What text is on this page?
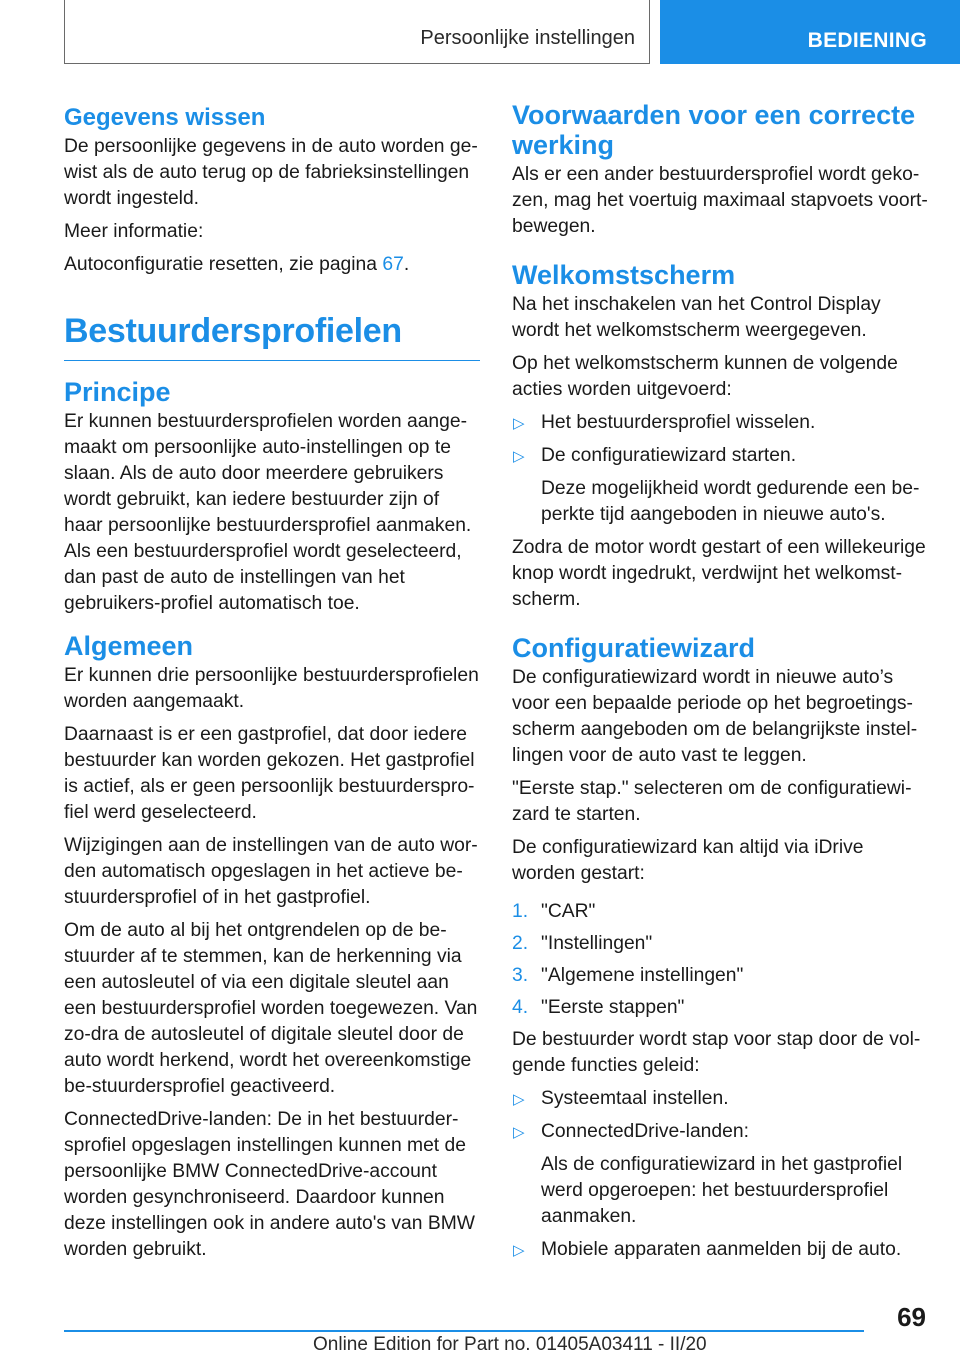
Persoonlijke instellingen	BEDIENING
Gegevens wissen

De persoonlijke gegevens in de auto worden ge-wist als de auto terug op de fabrieksinstellingen wordt ingesteld.

Meer informatie:

Autoconfiguratie resetten, zie pagina 67.

Bestuurdersprofielen
Principe

Er kunnen bestuurdersprofielen worden aange-maakt om persoonlijke auto-instellingen op te slaan. Als de auto door meerdere gebruikers wordt gebruikt, kan iedere bestuurder zijn of haar persoonlijke bestuurdersprofiel aanmaken. Als een bestuurdersprofiel wordt geselecteerd, dan past de auto de instellingen van het gebruikers-profiel automatisch toe.

Algemeen

Er kunnen drie persoonlijke bestuurdersprofielen worden aangemaakt.

Daarnaast is er een gastprofiel, dat door iedere bestuurder kan worden gekozen. Het gastprofiel is actief, als er geen persoonlijk bestuurderspro-fiel werd geselecteerd.

Wijzigingen aan de instellingen van de auto wor-den automatisch opgeslagen in het actieve be-stuurdersprofiel of in het gastprofiel.

Om de auto al bij het ontgrendelen op de be-stuurder af te stemmen, kan de herkenning via een autosleutel of via een digitale sleutel aan een bestuurdersprofiel worden toegewezen. Van zo-dra de autosleutel of digitale sleutel door de auto wordt herkend, wordt het overeenkomstige be-stuurdersprofiel geactiveerd.

ConnectedDrive-landen: De in het bestuurder-sprofiel opgeslagen instellingen kunnen met de persoonlijke BMW ConnectedDrive-account worden gesynchroniseerd. Daardoor kunnen deze instellingen ook in andere auto's van BMW worden gebruikt.

Voorwaarden voor een correcte werking

Als er een ander bestuurdersprofiel wordt geko-zen, mag het voertuig maximaal stapvoets voort-bewegen.

Welkomstscherm

Na het inschakelen van het Control Display wordt het welkomstscherm weergegeven.

Op het welkomstscherm kunnen de volgende acties worden uitgevoerd:

▷ Het bestuurdersprofiel wisselen.
▷ De configuratiewizard starten.

Deze mogelijkheid wordt gedurende een be-perkte tijd aangeboden in nieuwe auto's.

Zodra de motor wordt gestart of een willekeurige knop wordt ingedrukt, verdwijnt het welkomst-scherm.

Configuratiewizard

De configuratiewizard wordt in nieuwe auto’s voor een bepaalde periode op het begroetings-scherm aangeboden om de belangrijkste instel-lingen voor de auto vast te leggen.

"Eerste stap." selecteren om de configuratiewi-zard te starten.

De configuratiewizard kan altijd via iDrive worden gestart:

1. "CAR"
2. "Instellingen"
3. "Algemene instellingen"
4. "Eerste stappen"

De bestuurder wordt stap voor stap door de vol-gende functies geleid:

▷ Systeemtaal instellen.
▷ ConnectedDrive-landen:

Als de configuratiewizard in het gastprofiel werd opgeroepen: het bestuurdersprofiel aanmaken.

▷ Mobiele apparaten aanmelden bij de auto.
69
Online Edition for Part no. 01405A03411 - II/20
